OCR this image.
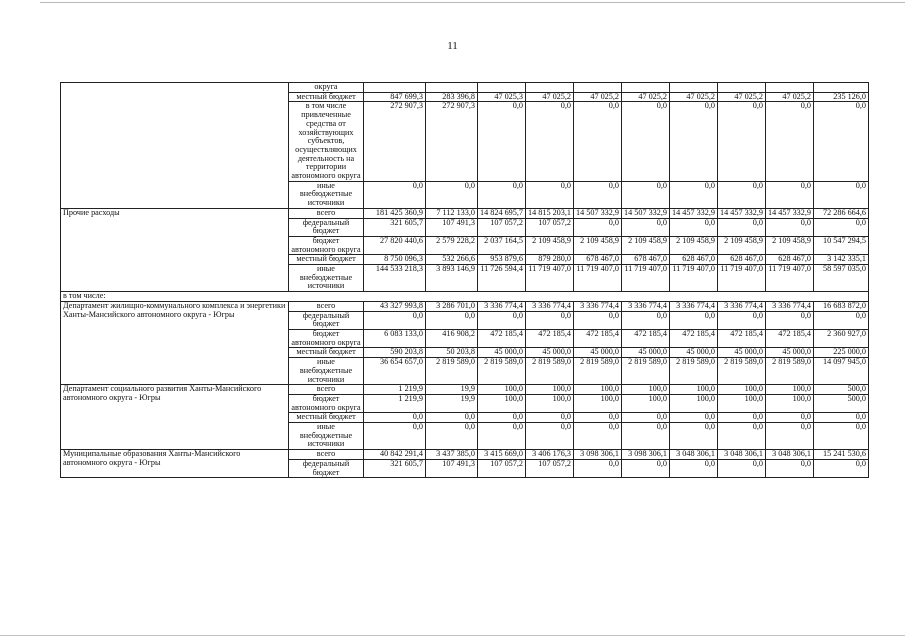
11
	округа										
	местный бюджет	847 699,3	283 396,8	47 025,3	47 025,2	47 025,2	47 025,2	47 025,2	47 025,2	47 025,2	235 126,0
	в том числе привлеченные средства от хозяйствующих субъектов, осуществляющих деятельность на территории автономного округа	272 907,3	272 907,3	0,0	0,0	0,0	0,0	0,0	0,0	0,0	0,0
	иные внебюджетные источники	0,0	0,0	0,0	0,0	0,0	0,0	0,0	0,0	0,0	0,0
Прочие расходы	всего	181 425 360,9	7 112 133,0	14 824 695,7	14 815 203,1	14 507 332,9	14 507 332,9	14 457 332,9	14 457 332,9	14 457 332,9	72 286 664,6
	федеральный бюджет	321 605,7	107 491,3	107 057,2	107 057,2	0,0	0,0	0,0	0,0	0,0	0,0
	бюджет автономного округа	27 820 440,6	2 579 228,2	2 037 164,5	2 109 458,9	2 109 458,9	2 109 458,9	2 109 458,9	2 109 458,9	2 109 458,9	10 547 294,5
	местный бюджет	8 750 096,3	532 266,6	953 879,6	879 280,0	678 467,0	678 467,0	628 467,0	628 467,0	628 467,0	3 142 335,1
	иные внебюджетные источники	144 533 218,3	3 893 146,9	11 726 594,4	11 719 407,0	11 719 407,0	11 719 407,0	11 719 407,0	11 719 407,0	11 719 407,0	58 597 035,0
в том числе:											
Департамент жилищно-коммунального комплекса и энергетики Ханты-Мансийского автономного округа - Югры	всего	43 327 993,8	3 286 701,0	3 336 774,4	3 336 774,4	3 336 774,4	3 336 774,4	3 336 774,4	3 336 774,4	3 336 774,4	16 683 872,0
	федеральный бюджет	0,0	0,0	0,0	0,0	0,0	0,0	0,0	0,0	0,0	0,0
	бюджет автономного округа	6 083 133,0	416 908,2	472 185,4	472 185,4	472 185,4	472 185,4	472 185,4	472 185,4	472 185,4	2 360 927,0
	местный бюджет	590 203,8	50 203,8	45 000,0	45 000,0	45 000,0	45 000,0	45 000,0	45 000,0	45 000,0	225 000,0
	иные внебюджетные источники	36 654 657,0	2 819 589,0	2 819 589,0	2 819 589,0	2 819 589,0	2 819 589,0	2 819 589,0	2 819 589,0	2 819 589,0	14 097 945,0
Департамент социального развития Ханты-Мансийского автономного округа - Югры	всего	1 219,9	19,9	100,0	100,0	100,0	100,0	100,0	100,0	100,0	500,0
	бюджет автономного округа	1 219,9	19,9	100,0	100,0	100,0	100,0	100,0	100,0	100,0	500,0
	местный бюджет	0,0	0,0	0,0	0,0	0,0	0,0	0,0	0,0	0,0	0,0
	иные внебюджетные источники	0,0	0,0	0,0	0,0	0,0	0,0	0,0	0,0	0,0	0,0
Муниципальные образования Ханты-Мансийского автономного округа - Югры	всего	40 842 291,4	3 437 385,0	3 415 669,0	3 406 176,3	3 098 306,1	3 098 306,1	3 048 306,1	3 048 306,1	3 048 306,1	15 241 530,6
	федеральный бюджет	321 605,7	107 491,3	107 057,2	107 057,2	0,0	0,0	0,0	0,0	0,0	0,0
